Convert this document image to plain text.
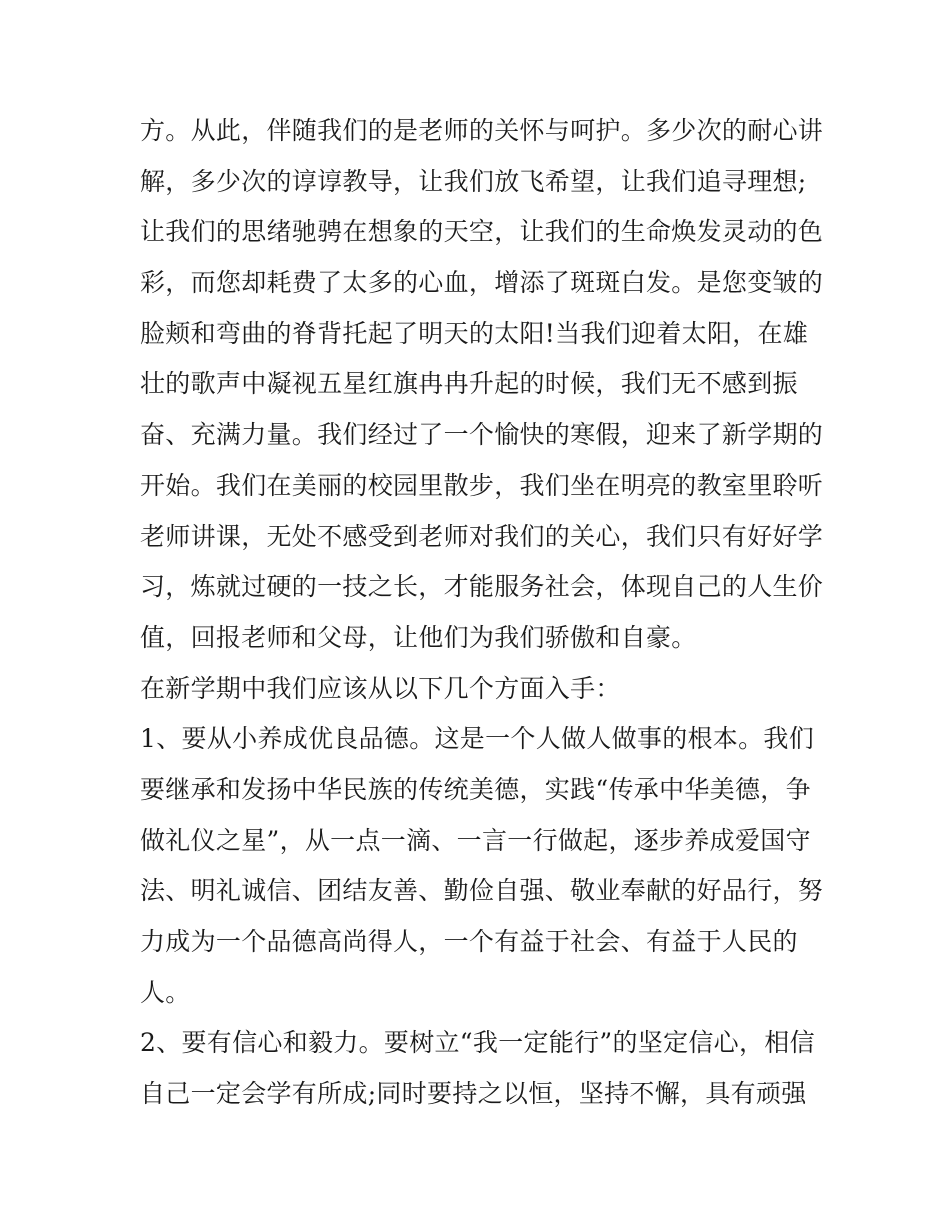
方。从此，伴随我们的是老师的关怀与呵护。多少次的耐心讲
解，多少次的谆谆教导，让我们放飞希望，让我们追寻理想;
让我们的思绪驰骋在想象的天空，让我们的生命焕发灵动的色
彩，而您却耗费了太多的心血，增添了斑斑白发。是您变皱的
脸颊和弯曲的脊背托起了明天的太阳!当我们迎着太阳，在雄
壮的歌声中凝视五星红旗冉冉升起的时候，我们无不感到振
奋、充满力量。我们经过了一个愉快的寒假，迎来了新学期的
开始。我们在美丽的校园里散步，我们坐在明亮的教室里聆听
老师讲课，无处不感受到老师对我们的关心，我们只有好好学
习，炼就过硬的一技之长，才能服务社会，体现自己的人生价
值，回报老师和父母，让他们为我们骄傲和自豪。
在新学期中我们应该从以下几个方面入手：
1、要从小养成优良品德。这是一个人做人做事的根本。我们
要继承和发扬中华民族的传统美德，实践“传承中华美德，争
做礼仪之星”，从一点一滴、一言一行做起，逐步养成爱国守
法、明礼诚信、团结友善、勤俭自强、敬业奉献的好品行，努
力成为一个品德高尚得人，一个有益于社会、有益于人民的
人。
2、要有信心和毅力。要树立“我一定能行”的坚定信心，相信
自己一定会学有所成;同时要持之以恒，坚持不懈，具有顽强
